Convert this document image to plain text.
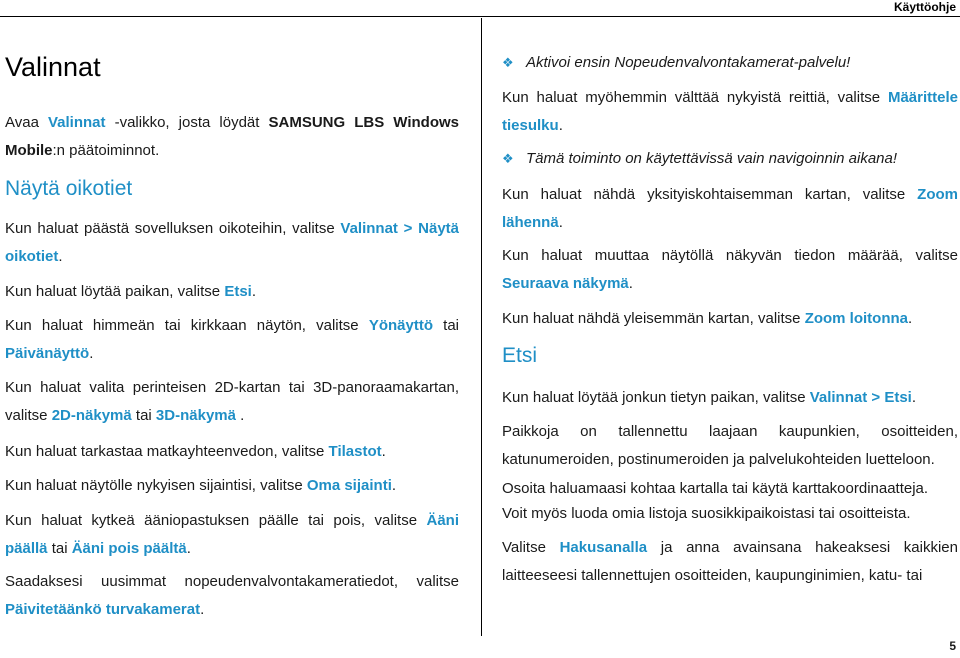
Käyttöohje
Valinnat

Avaa Valinnat -valikko, josta löydät SAMSUNG LBS Windows Mobile:n päätoiminnot.

Näytä oikotiet

Kun haluat päästä sovelluksen oikoteihin, valitse Valinnat > Näytä oikotiet.

Kun haluat löytää paikan, valitse Etsi.

Kun haluat himmeän tai kirkkaan näytön, valitse Yönäyttö tai Päivänäyttö.

Kun haluat valita perinteisen 2D-kartan tai 3D-panoraamakartan, valitse 2D-näkymä tai 3D-näkymä .

Kun haluat tarkastaa matkayhteenvedon, valitse Tilastot.

Kun haluat näytölle nykyisen sijaintisi, valitse Oma sijainti.

Kun haluat kytkeä ääniopastuksen päälle tai pois, valitse Ääni päällä tai Ääni pois päältä.

Saadaksesi uusimmat nopeudenvalvontakameratiedot, valitse Päivitetäänkö turvakamerat.

❖ Aktivoi ensin Nopeudenvalvontakamerat-palvelu!

Kun haluat myöhemmin välttää nykyistä reittiä, valitse Määrittele tiesulku.

❖ Tämä toiminto on käytettävissä vain navigoinnin aikana!

Kun haluat nähdä yksityiskohtaisemman kartan, valitse Zoom lähennä.

Kun haluat muuttaa näytöllä näkyvän tiedon määrää, valitse Seuraava näkymä.

Kun haluat nähdä yleisemmän kartan, valitse Zoom loitonna.

Etsi

Kun haluat löytää jonkun tietyn paikan, valitse Valinnat > Etsi.

Paikkoja on tallennettu laajaan kaupunkien, osoitteiden, katunumeroiden, postinumeroiden ja palvelukohteiden luetteloon.

Osoita haluamaasi kohtaa kartalla tai käytä karttakoordinaatteja.

Voit myös luoda omia listoja suosikkipaikoistasi tai osoitteista.

Valitse Hakusanalla ja anna avainsana hakeaksesi kaikkien laitteeseesi tallennettujen osoitteiden, kaupunginimien, katu- tai

5
